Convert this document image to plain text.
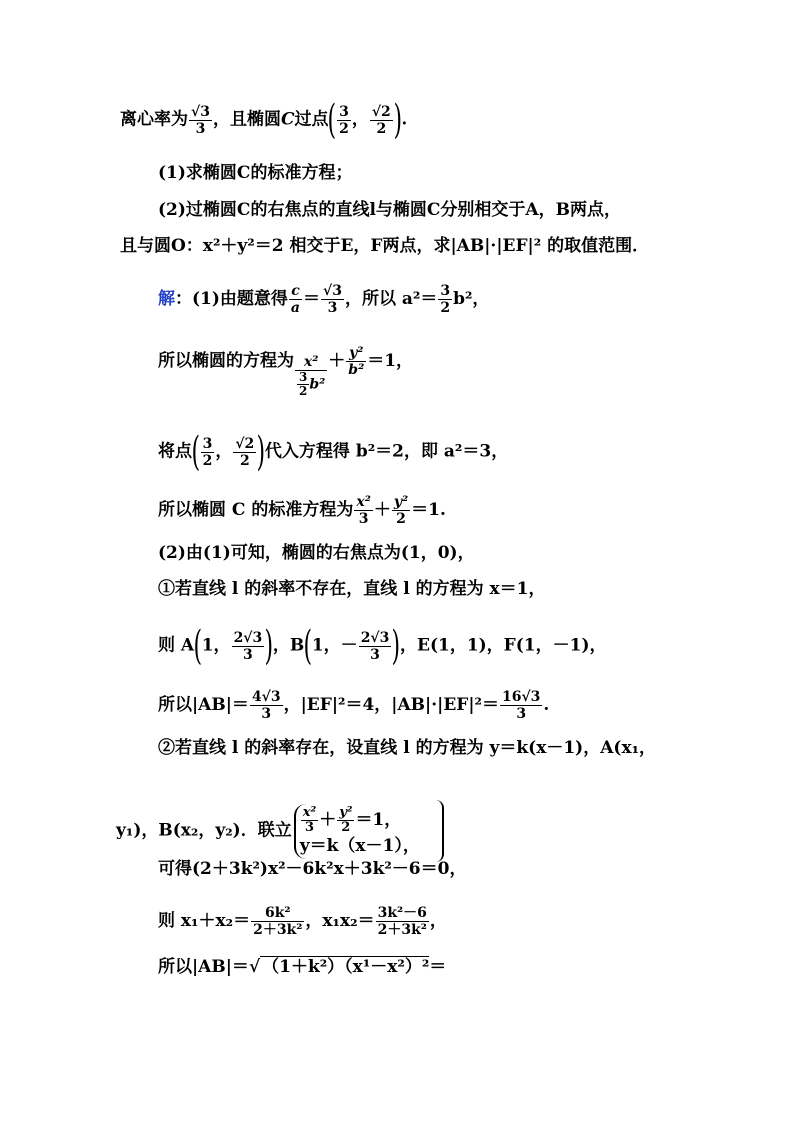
离心率为 $\frac{√3}{3}$ ，且椭圆C过点( $\frac{3}{2}$ ， $\frac{√2}{2}$ ).
(1)求椭圆C的标准方程；
(2)过椭圆C的右焦点的直线l与椭圆C分别相交于A，B两点，
且与圆O：x²＋y²＝2 相交于E，F两点，求|AB|·|EF|² 的取值范围．
解：(1)由题意得 $\frac{c}{a} = \frac{√3}{3}$ ，所以 $a^2= \frac{3}{2} b^2$，
所以椭圆的方程为 $\frac{\text{x²}}{\frac{3}{2} b^2} + \frac{\text{y²}}{\text{b²}} =1$，
将点( $\frac{3}{2}$ ， $\frac{√2}{2}$ )代入方程得 b²＝2，即 a²＝3，
所以椭圆 C 的标准方程为 $\frac{\text{x²}}{3} + \frac{\text{y²}}{2} =1$.
(2)由(1)可知，椭圆的右焦点为(1，0)，
①若直线 l 的斜率不存在，直线 l 的方程为 x＝1，
则 A(1， $\frac{2√3}{3}$ )，B(1，－ $\frac{2√3}{3}$ )，E(1，1)，F(1，－1)，
所以$|AB|= \frac{4√3}{3}$ ，|EF|²＝4，$|AB|\cdot|EF|^2= \frac{16√3}{3}$ .
②若直线 l 的斜率存在，设直线 l 的方程为 y＝k(x－1)，A(x₁，
y₁)，B(x₂，y₂)．联立 $\frac{\text{x²}}{3} + \frac{\text{y²}}{2} =1$，
y＝k（x－1），
可得(2＋3k²)x²－6k²x＋3k²－6＝0，
则 $x_1+x_2= \frac{\text{6k²}}{\text{2＋3k²}}$ ，$x_1x_2= \frac{\text{3k²－6}}{\text{2＋3k²}}$ ，
所以|AB|＝√ （1＋k²）（x¹－x²）²＝
